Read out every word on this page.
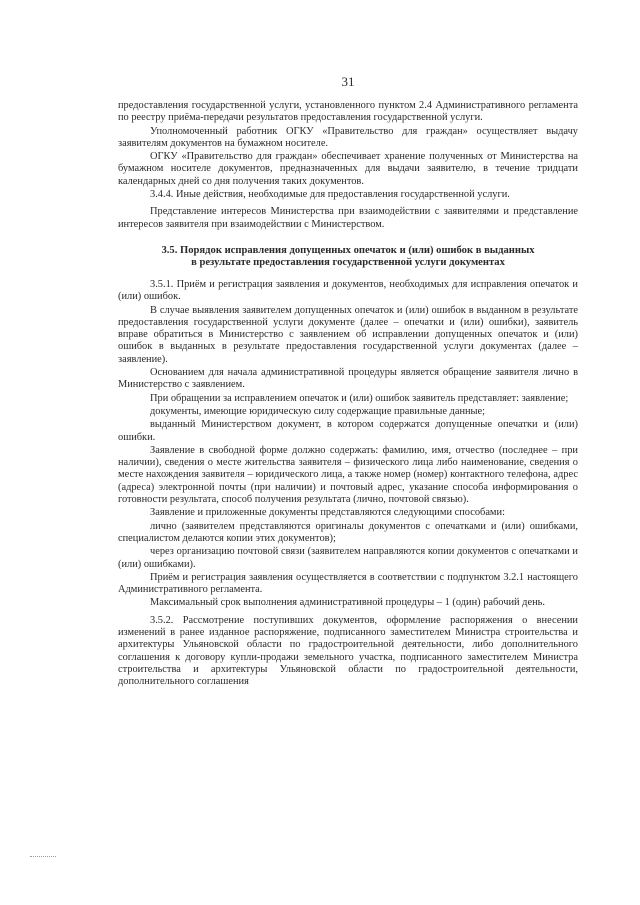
31

предоставления государственной услуги, установленного пунктом 2.4 Административного регламента по реестру приёма-передачи результатов предоставления государственной услуги.

Уполномоченный работник ОГКУ «Правительство для граждан» осуществляет выдачу заявителям документов на бумажном носителе.

ОГКУ «Правительство для граждан» обеспечивает хранение полученных от Министерства на бумажном носителе документов, предназначенных для выдачи заявителю, в течение тридцати календарных дней со дня получения таких документов.

3.4.4. Иные действия, необходимые для предоставления государственной услуги.

Представление интересов Министерства при взаимодействии с заявителями и представление интересов заявителя при взаимодействии с Министерством.

3.5. Порядок исправления допущенных опечаток и (или) ошибок в выданных
в результате предоставления государственной услуги документах

3.5.1. Приём и регистрация заявления и документов, необходимых для исправления опечаток и (или) ошибок.

В случае выявления заявителем допущенных опечаток и (или) ошибок в выданном в результате предоставления государственной услуги документе (далее – опечатки и (или) ошибки), заявитель вправе обратиться в Министерство с заявлением об исправлении допущенных опечаток и (или) ошибок в выданных в результате предоставления государственной услуги документах (далее – заявление).

Основанием для начала административной процедуры является обращение заявителя лично в Министерство с заявлением.

При обращении за исправлением опечаток и (или) ошибок заявитель представляет: заявление;

документы, имеющие юридическую силу содержащие правильные данные;

выданный Министерством документ, в котором содержатся допущенные опечатки и (или) ошибки.

Заявление в свободной форме должно содержать: фамилию, имя, отчество (последнее – при наличии), сведения о месте жительства заявителя – физического лица либо наименование, сведения о месте нахождения заявителя – юридического лица, а также номер (номер) контактного телефона, адрес (адреса) электронной почты (при наличии) и почтовый адрес, указание способа информирования о готовности результата, способ получения результата (лично, почтовой связью).

Заявление и приложенные документы представляются следующими способами:

лично (заявителем представляются оригиналы документов с опечатками и (или) ошибками, специалистом делаются копии этих документов);

через организацию почтовой связи (заявителем направляются копии документов с опечатками и (или) ошибками).

Приём и регистрация заявления осуществляется в соответствии с подпунктом 3.2.1 настоящего Административного регламента.

Максимальный срок выполнения административной процедуры – 1 (один) рабочий день.

3.5.2. Рассмотрение поступивших документов, оформление распоряжения о внесении изменений в ранее изданное распоряжение, подписанного заместителем Министра строительства и архитектуры Ульяновской области по градостроительной деятельности, либо дополнительного соглашения к договору купли-продажи земельного участка, подписанного заместителем Министра строительства и архитектуры Ульяновской области по градостроительной деятельности, дополнительного соглашения
